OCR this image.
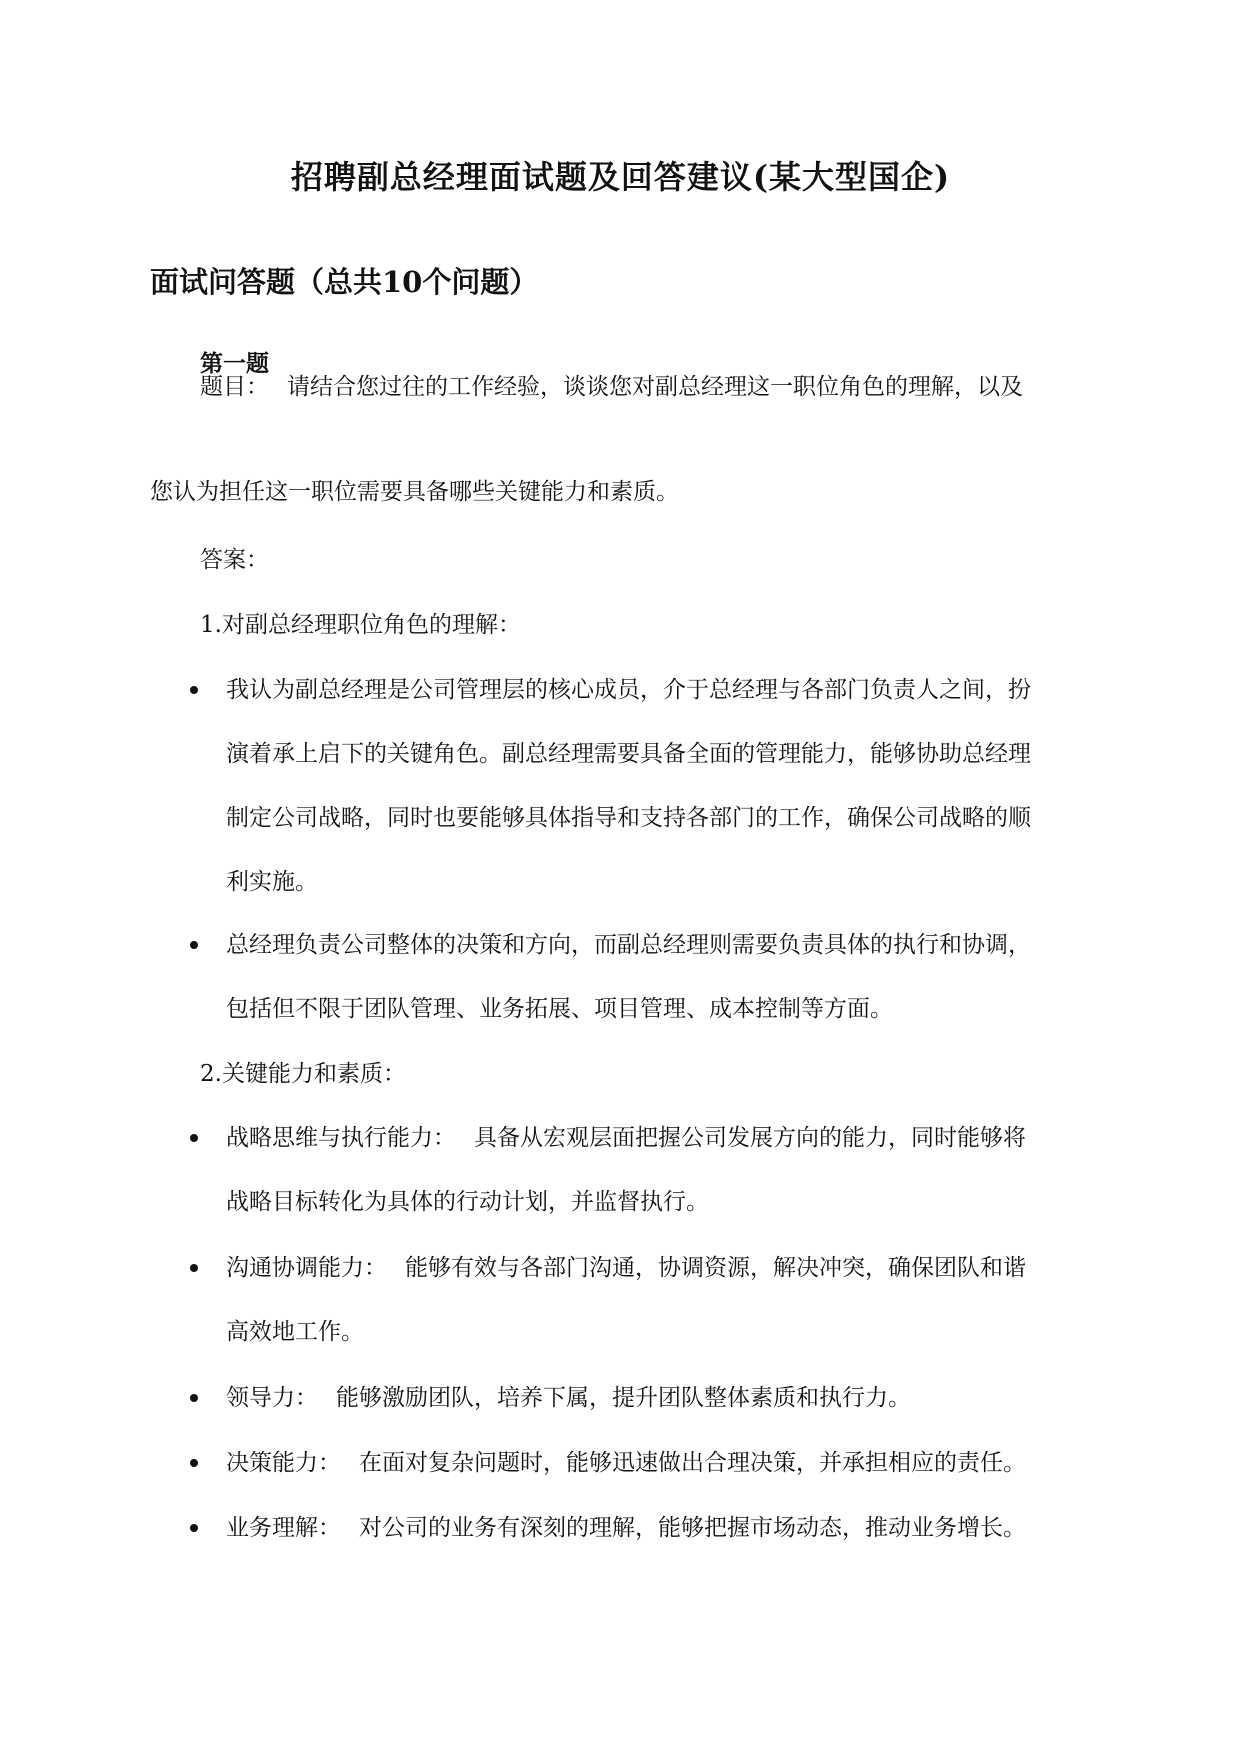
招聘副总经理面试题及回答建议(某大型国企)
面试问答题（总共10个问题）
第一题
题目： 请结合您过往的工作经验，谈谈您对副总经理这一职位角色的理解，以及
您认为担任这一职位需要具备哪些关键能力和素质。
答案：
1.对副总经理职位角色的理解：
我认为副总经理是公司管理层的核心成员，介于总经理与各部门负责人之间，扮
演着承上启下的关键角色。副总经理需要具备全面的管理能力，能够协助总经理
制定公司战略，同时也要能够具体指导和支持各部门的工作，确保公司战略的顺
利实施。
总经理负责公司整体的决策和方向，而副总经理则需要负责具体的执行和协调，
包括但不限于团队管理、业务拓展、项目管理、成本控制等方面。
2.关键能力和素质：
战略思维与执行能力： 具备从宏观层面把握公司发展方向的能力，同时能够将
战略目标转化为具体的行动计划，并监督执行。
沟通协调能力： 能够有效与各部门沟通，协调资源，解决冲突，确保团队和谐
高效地工作。
领导力： 能够激励团队，培养下属，提升团队整体素质和执行力。
决策能力： 在面对复杂问题时，能够迅速做出合理决策，并承担相应的责任。
业务理解： 对公司的业务有深刻的理解，能够把握市场动态，推动业务增长。
